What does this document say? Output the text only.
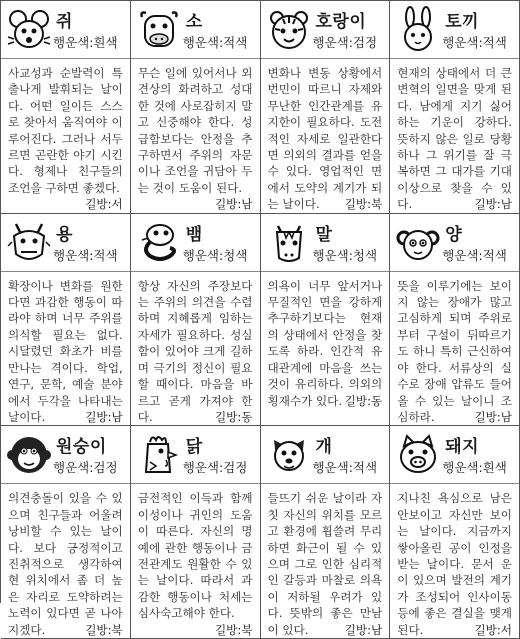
쥐
행운색:흰색
사교성과 순발력이 특출나게 발휘되는 날이다. 어떤 일이든 스스로 찾아서 움직여야 이루어진다. 그러나 서두르면 곤란한 야기 시킨다. 형제나 친구들의 조언을 구하면 좋겠다.
길방:서
소
행운색:적색
무슨 일에 있어서나 외견상의 화려하고 성대한 것에 사로잡히지 말고 신중해야 한다. 성급함보다는 안정을 추구하면서 주위의 자문이나 조언을 귀담아 두는 것이 도움이 된다.
길방:남
호랑이
행운색:검정
변화나 변동 상황에서 번민이 따르니 자제와 무난한 인간관계를 유지한이 필요하다. 도전적인 자세로 일관한다면 의외의 결과를 얻을 수 있다. 영업적인 면에서 도약의 계기가 되는 날이다. 길방:북
토끼
행운색:적색
현재의 상태에서 더 큰 변혁의 일면을 맞게 된다. 남에게 지기 싫어하는 기운이 강하다. 뜻하지 않은 일로 당황하나 그 위기를 잘 극복하면 그 대가를 기대 이상으로 찾을 수 있다.	길방:남
용
행운색:적색
확장이나 변화를 원한다면 과감한 행동이 따라야 하며 너무 주위를 의식할 필요는 없다. 시달렸던 화초가 비를 만나는 격이다. 학업, 연구, 문학, 예술 분야에서 두각을 나타내는 날이다.	길방:남
뱀
행운색:청색
항상 자신의 주장보다는 주위의 의견을 수렴하며 지혜롭게 임하는 자세가 필요하다. 성실함이 있어야 크게 길하며 극기의 정신이 필요할 때이다. 마음을 바르고 곧게 가져야 한다.	길방:동
말
행운색:청색
의욕이 너무 앞서거나 무질적인 면을 강하게 추구하기보다는 현재의 상태에서 안정을 찾도록 하라. 인간적 유대관계에 마음을 쓰는 것이 유리하다. 의외의 횡재수가 있다. 길방:동
양
행운색:적색
뜻을 이루기에는 보이지 않는 장애가 많고 고심하게 되며 주위로부터 구설이 뒤따르기도 하니 특히 근신하여야 한다. 서류상의 실수로 장애 압류도 들어올 수 있는 날이니 조심하라.	길방:남
원숭이
행운색:검정
의견충돌이 있을 수 있으며 친구들과 어울려 낭비할 수 있는 날이다. 보다 긍정적이고 진취적으로 생각하여 현 위치에서 좀 더 높은 자리로 도약하려는 노력이 있다면 곧 나아지겠다.	길방:북
닭
행운색:검정
금전적인 이득과 함께 이성이나 귀인의 도움이 따른다. 자신의 명예에 관한 행동이나 금전관계도 원활한 수 있는 날이다. 따라서 과감한 행동이나 처세는 심사숙고해야 한다.
길방:북
개
행운색:적색
들뜨기 쉬운 날이라 자칫 자신의 위치를 모르고 환경에 휩쓸려 무리하면 화근이 될 수 있으며 그로 인한 심리적인 갈등과 마찰로 의욕이 저하될 우려가 있다. 뜻밖의 좋은 만남이 있다.	길방:남
돼지
행운색:흰색
지나친 욕심으로 남은 안보이고 자신만 보이는 날이다. 지금까지 쌓아올린 공이 인정을 받는 날이다. 문서 운이 있으며 발전의 계기가 조성되어 인사이동 등에 좋은 결실을 맺게 된다.	길방:서
